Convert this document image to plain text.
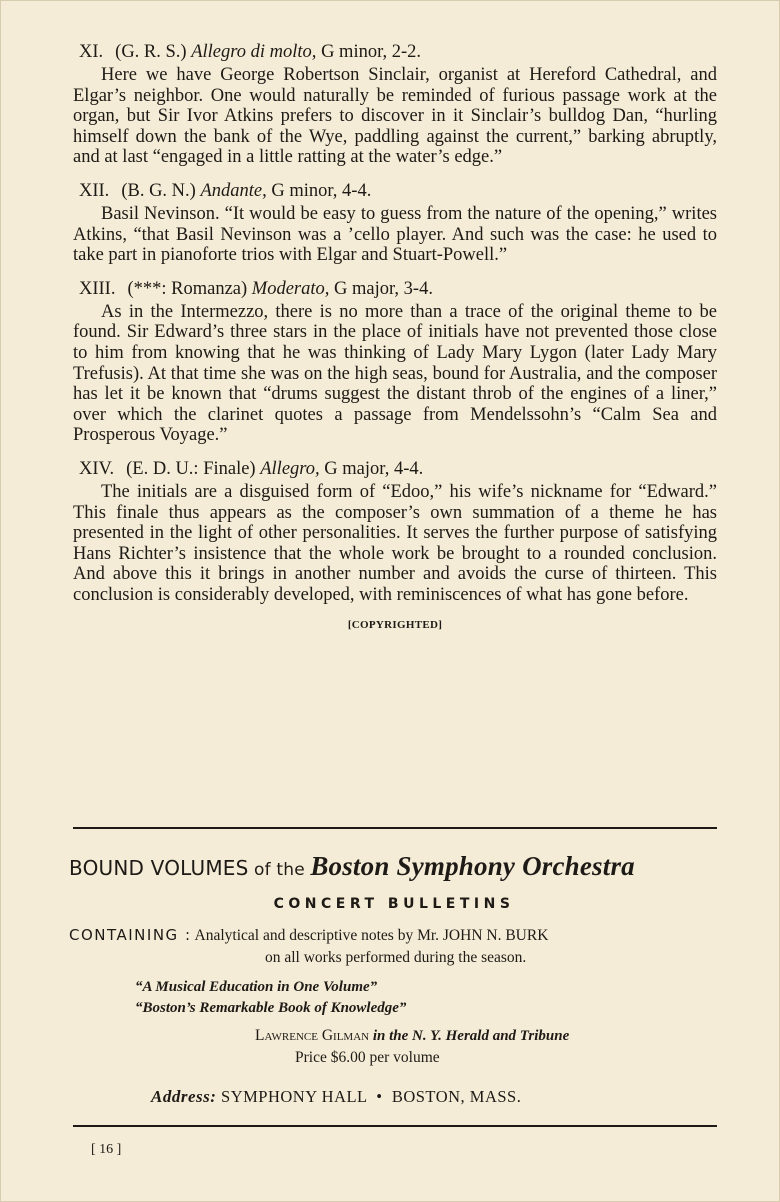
XI. (G. R. S.) Allegro di molto, G minor, 2-2.

Here we have George Robertson Sinclair, organist at Hereford Cathedral, and Elgar’s neighbor. One would naturally be reminded of furious passage work at the organ, but Sir Ivor Atkins prefers to discover in it Sinclair’s bulldog Dan, “hurling himself down the bank of the Wye, paddling against the current,” barking abruptly, and at last “engaged in a little ratting at the water’s edge.”

XII. (B. G. N.) Andante, G minor, 4-4.

Basil Nevinson. “It would be easy to guess from the nature of the opening,” writes Atkins, “that Basil Nevinson was a ’cello player. And such was the case: he used to take part in pianoforte trios with Elgar and Stuart-Powell.”

XIII. (***: Romanza) Moderato, G major, 3-4.

As in the Intermezzo, there is no more than a trace of the original theme to be found. Sir Edward’s three stars in the place of initials have not prevented those close to him from knowing that he was thinking of Lady Mary Lygon (later Lady Mary Trefusis). At that time she was on the high seas, bound for Australia, and the composer has let it be known that “drums suggest the distant throb of the engines of a liner,” over which the clarinet quotes a passage from Mendelssohn’s “Calm Sea and Prosperous Voyage.”

XIV. (E. D. U.: Finale) Allegro, G major, 4-4.

The initials are a disguised form of “Edoo,” his wife’s nickname for “Edward.” This finale thus appears as the composer’s own summation of a theme he has presented in the light of other personalities. It serves the further purpose of satisfying Hans Richter’s insistence that the whole work be brought to a rounded conclusion. And above this it brings in another number and avoids the curse of thirteen. This conclusion is considerably developed, with reminiscences of what has gone before.

[COPYRIGHTED]
BOUND VOLUMES of the Boston Symphony Orchestra
CONCERT BULLETINS
CONTAINING : Analytical and descriptive notes by Mr. JOHN N. BURK
on all works performed during the season.
“A Musical Education in One Volume”
“Boston’s Remarkable Book of Knowledge”
Lawrence Gilman in the N. Y. Herald and Tribune
Price $6.00 per volume
Address: SYMPHONY HALL • BOSTON, MASS.
[ 16 ]
